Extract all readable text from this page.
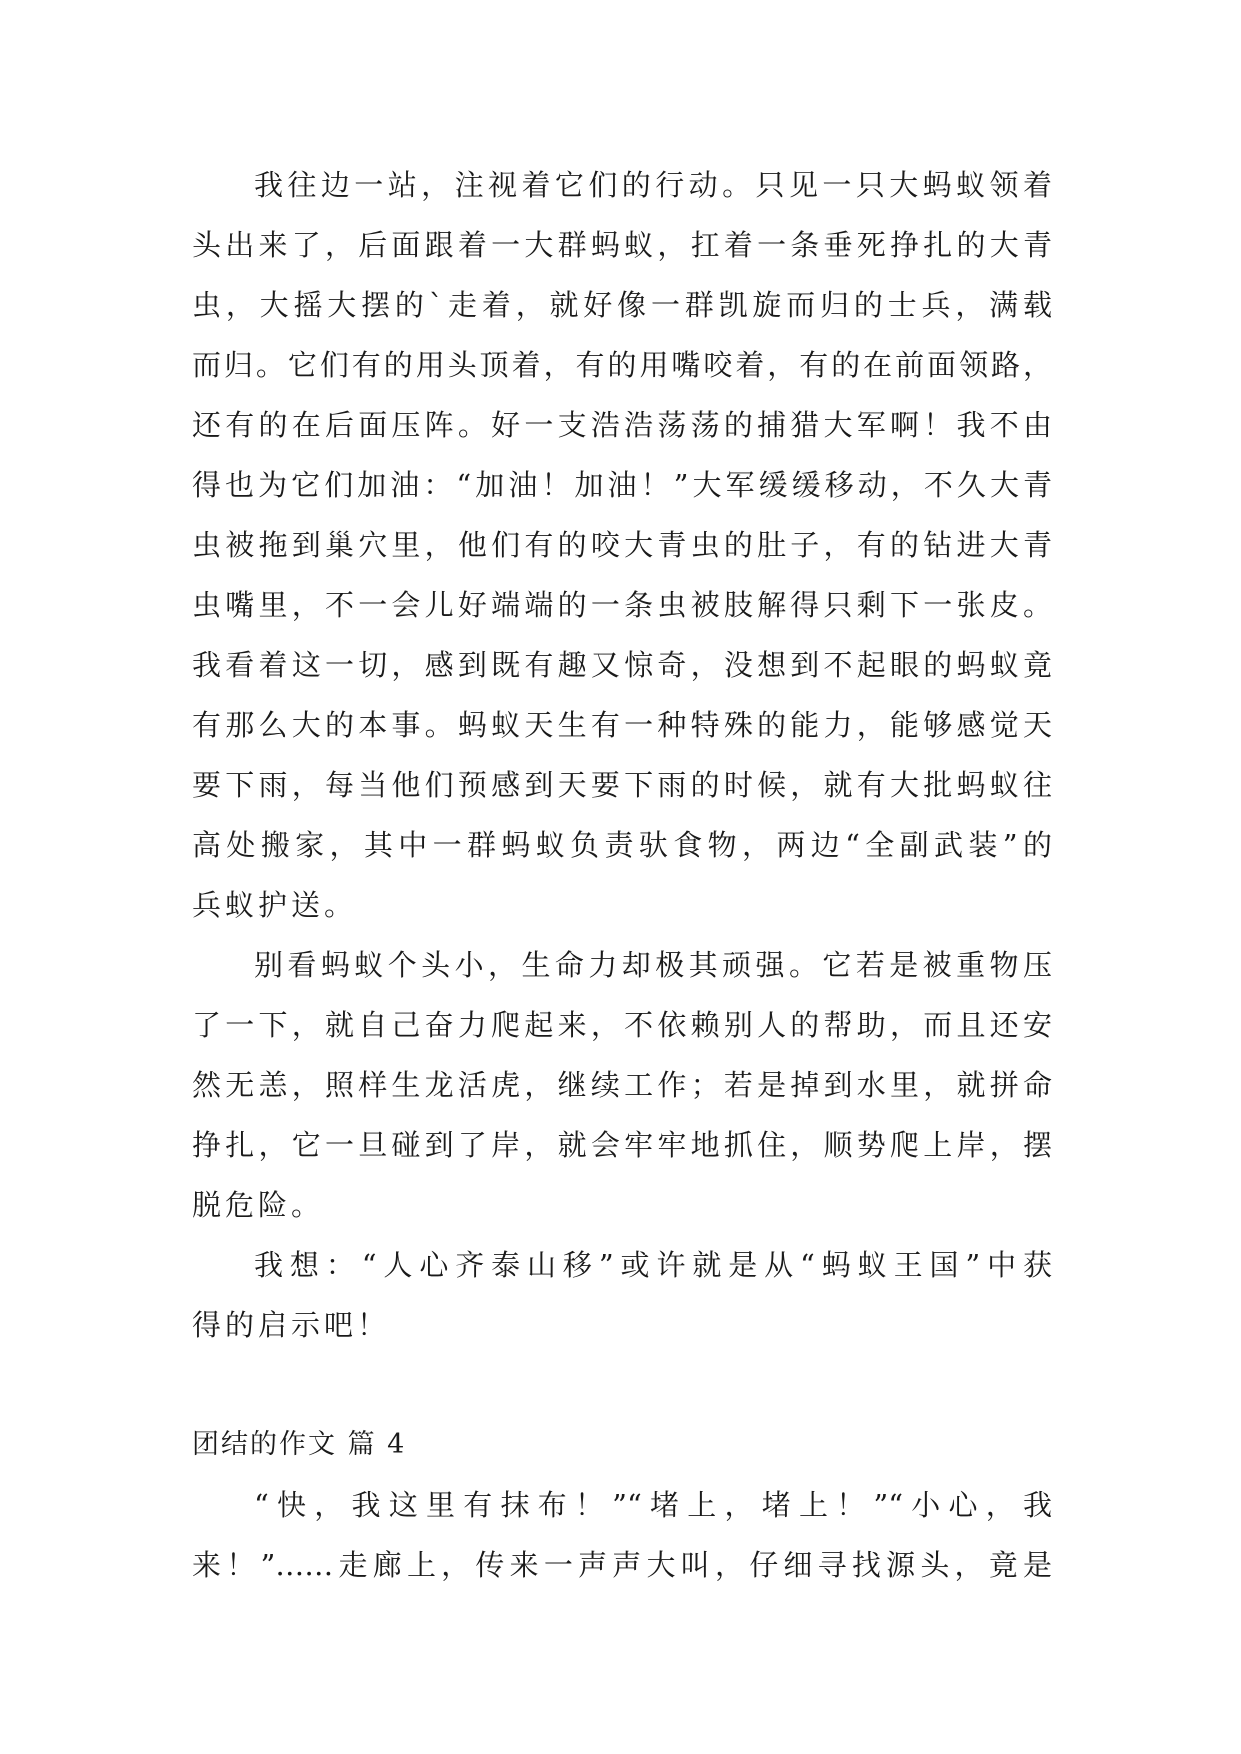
我往边一站，注视着它们的行动。只见一只大蚂蚁领着
头出来了，后面跟着一大群蚂蚁，扛着一条垂死挣扎的大青
虫，大摇大摆的`走着，就好像一群凯旋而归的士兵，满载
而归。它们有的用头顶着，有的用嘴咬着，有的在前面领路，
还有的在后面压阵。好一支浩浩荡荡的捕猎大军啊！我不由
得也为它们加油：“加油！加油！”大军缓缓移动，不久大青
虫被拖到巢穴里，他们有的咬大青虫的肚子，有的钻进大青
虫嘴里，不一会儿好端端的一条虫被肢解得只剩下一张皮。
我看着这一切，感到既有趣又惊奇，没想到不起眼的蚂蚁竟
有那么大的本事。蚂蚁天生有一种特殊的能力，能够感觉天
要下雨，每当他们预感到天要下雨的时候，就有大批蚂蚁往
高处搬家，其中一群蚂蚁负责驮食物，两边“全副武装”的
兵蚁护送。
别看蚂蚁个头小，生命力却极其顽强。它若是被重物压
了一下，就自己奋力爬起来，不依赖别人的帮助，而且还安
然无恙，照样生龙活虎，继续工作；若是掉到水里，就拼命
挣扎，它一旦碰到了岸，就会牢牢地抓住，顺势爬上岸，摆
脱危险。
我想：“人心齐泰山移”或许就是从“蚂蚁王国”中获
得的启示吧！
团结的作文 篇 4
“快，我这里有抹布！”“堵上，堵上！”“小心，我
来！”……走廊上，传来一声声大叫，仔细寻找源头，竟是
